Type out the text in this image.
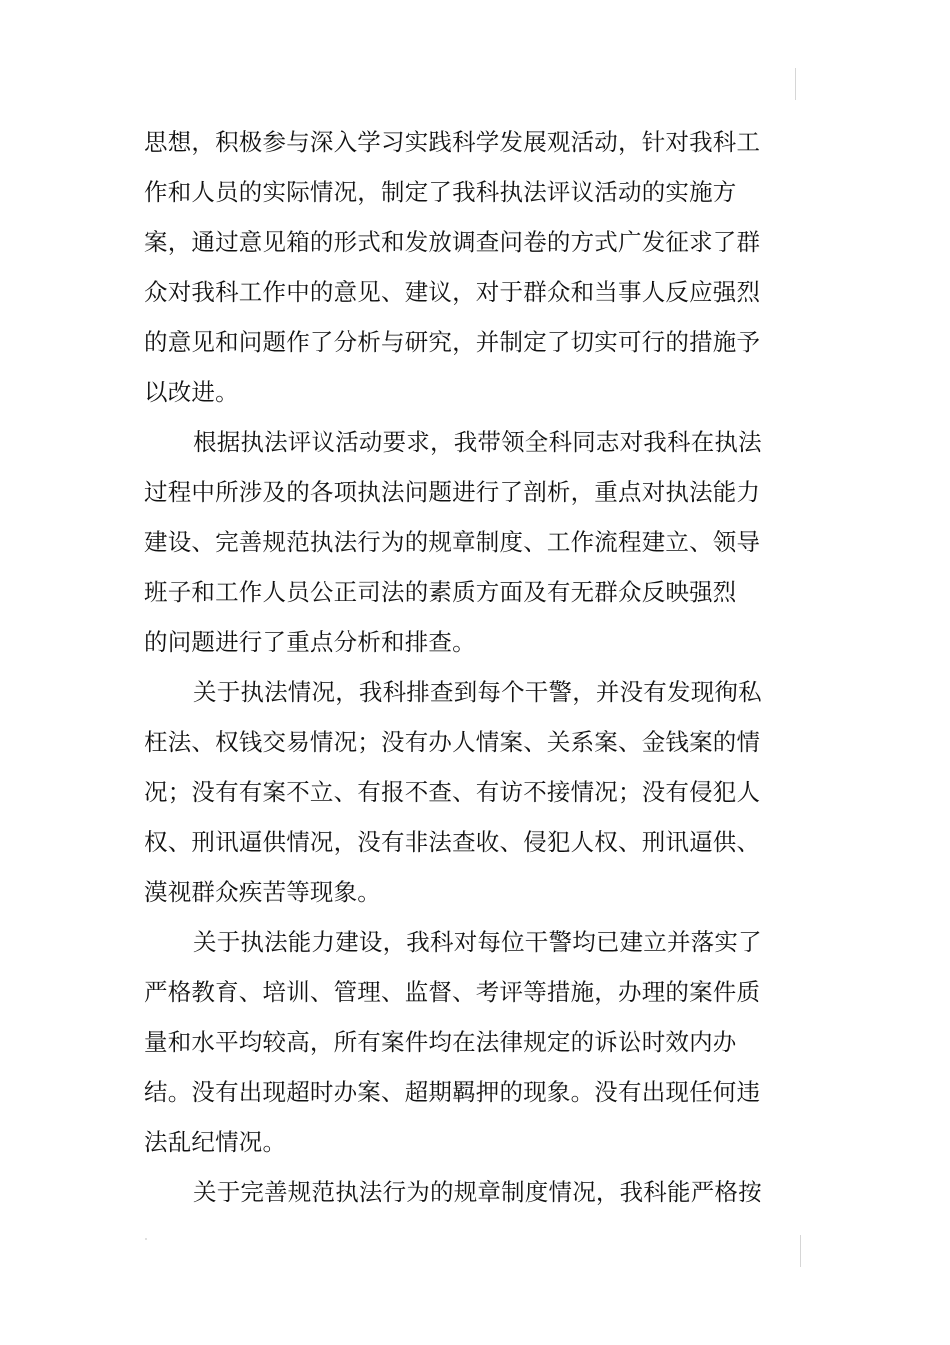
思想，积极参与深入学习实践科学发展观活动，针对我科工
作和人员的实际情况，制定了我科执法评议活动的实施方
案，通过意见箱的形式和发放调查问卷的方式广发征求了群
众对我科工作中的意见、建议，对于群众和当事人反应强烈
的意见和问题作了分析与研究，并制定了切实可行的措施予
以改进。
根据执法评议活动要求，我带领全科同志对我科在执法
过程中所涉及的各项执法问题进行了剖析，重点对执法能力
建设、完善规范执法行为的规章制度、工作流程建立、领导
班子和工作人员公正司法的素质方面及有无群众反映强烈
的问题进行了重点分析和排查。
关于执法情况，我科排查到每个干警，并没有发现徇私
枉法、权钱交易情况；没有办人情案、关系案、金钱案的情
况；没有有案不立、有报不查、有访不接情况；没有侵犯人
权、刑讯逼供情况，没有非法查收、侵犯人权、刑讯逼供、
漠视群众疾苦等现象。
关于执法能力建设，我科对每位干警均已建立并落实了
严格教育、培训、管理、监督、考评等措施，办理的案件质
量和水平均较高，所有案件均在法律规定的诉讼时效内办
结。没有出现超时办案、超期羁押的现象。没有出现任何违
法乱纪情况。
关于完善规范执法行为的规章制度情况，我科能严格按
